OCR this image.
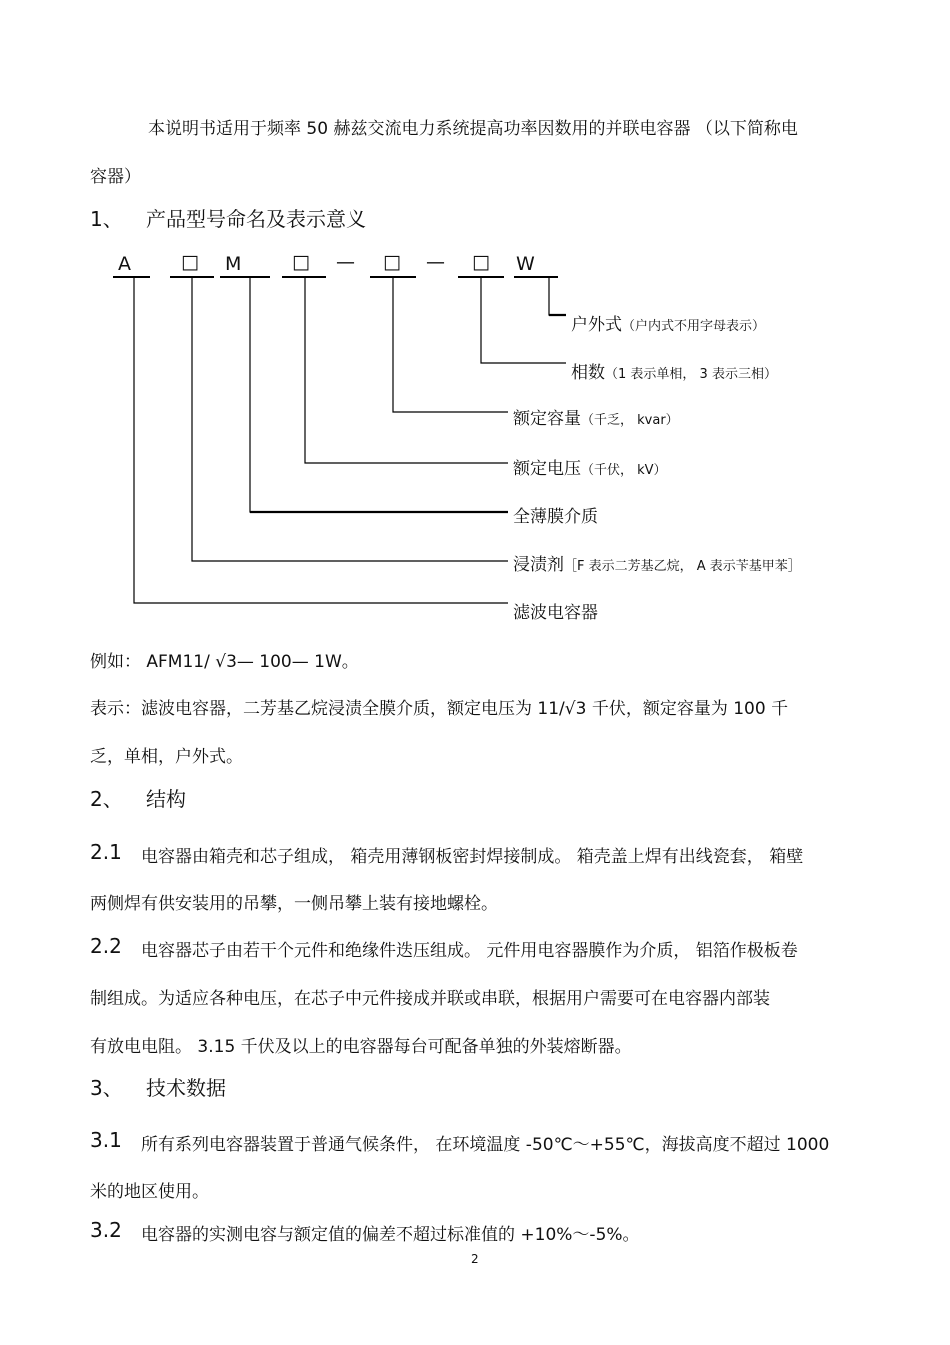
本说明书适用于频率 50 赫兹交流电力系统提高功率因数用的并联电容器 （以下简称电
容器）
1、 产品型号命名及表示意义
A	□ M	□ — □ — □ W
户外式（户内式不用字母表示）
相数（1 表示单相， 3 表示三相）
额定容量（千乏， kvar）
额定电压（千伏， kV）
全薄膜介质
浸渍剂［F 表示二芳基乙烷， A 表示苄基甲苯］
滤波电容器
例如： AFM11/ √3— 100— 1W。
表示：滤波电容器，二芳基乙烷浸渍全膜介质，额定电压为 11/√3 千伏，额定容量为 100 千
乏，单相，户外式。
2、 结构
2.1 电容器由箱壳和芯子组成， 箱壳用薄钢板密封焊接制成。 箱壳盖上焊有出线瓷套， 箱壁
两侧焊有供安装用的吊攀，一侧吊攀上装有接地螺栓。
2.2 电容器芯子由若干个元件和绝缘件迭压组成。 元件用电容器膜作为介质， 铝箔作极板卷
制组成。为适应各种电压，在芯子中元件接成并联或串联，根据用户需要可在电容器内部装
有放电电阻。 3.15 千伏及以上的电容器每台可配备单独的外装熔断器。
3、 技术数据
3.1 所有系列电容器装置于普通气候条件， 在环境温度 -50℃～+55℃，海拔高度不超过 1000
米的地区使用。
3.2 电容器的实测电容与额定值的偏差不超过标准值的 +10%～-5%。
2
